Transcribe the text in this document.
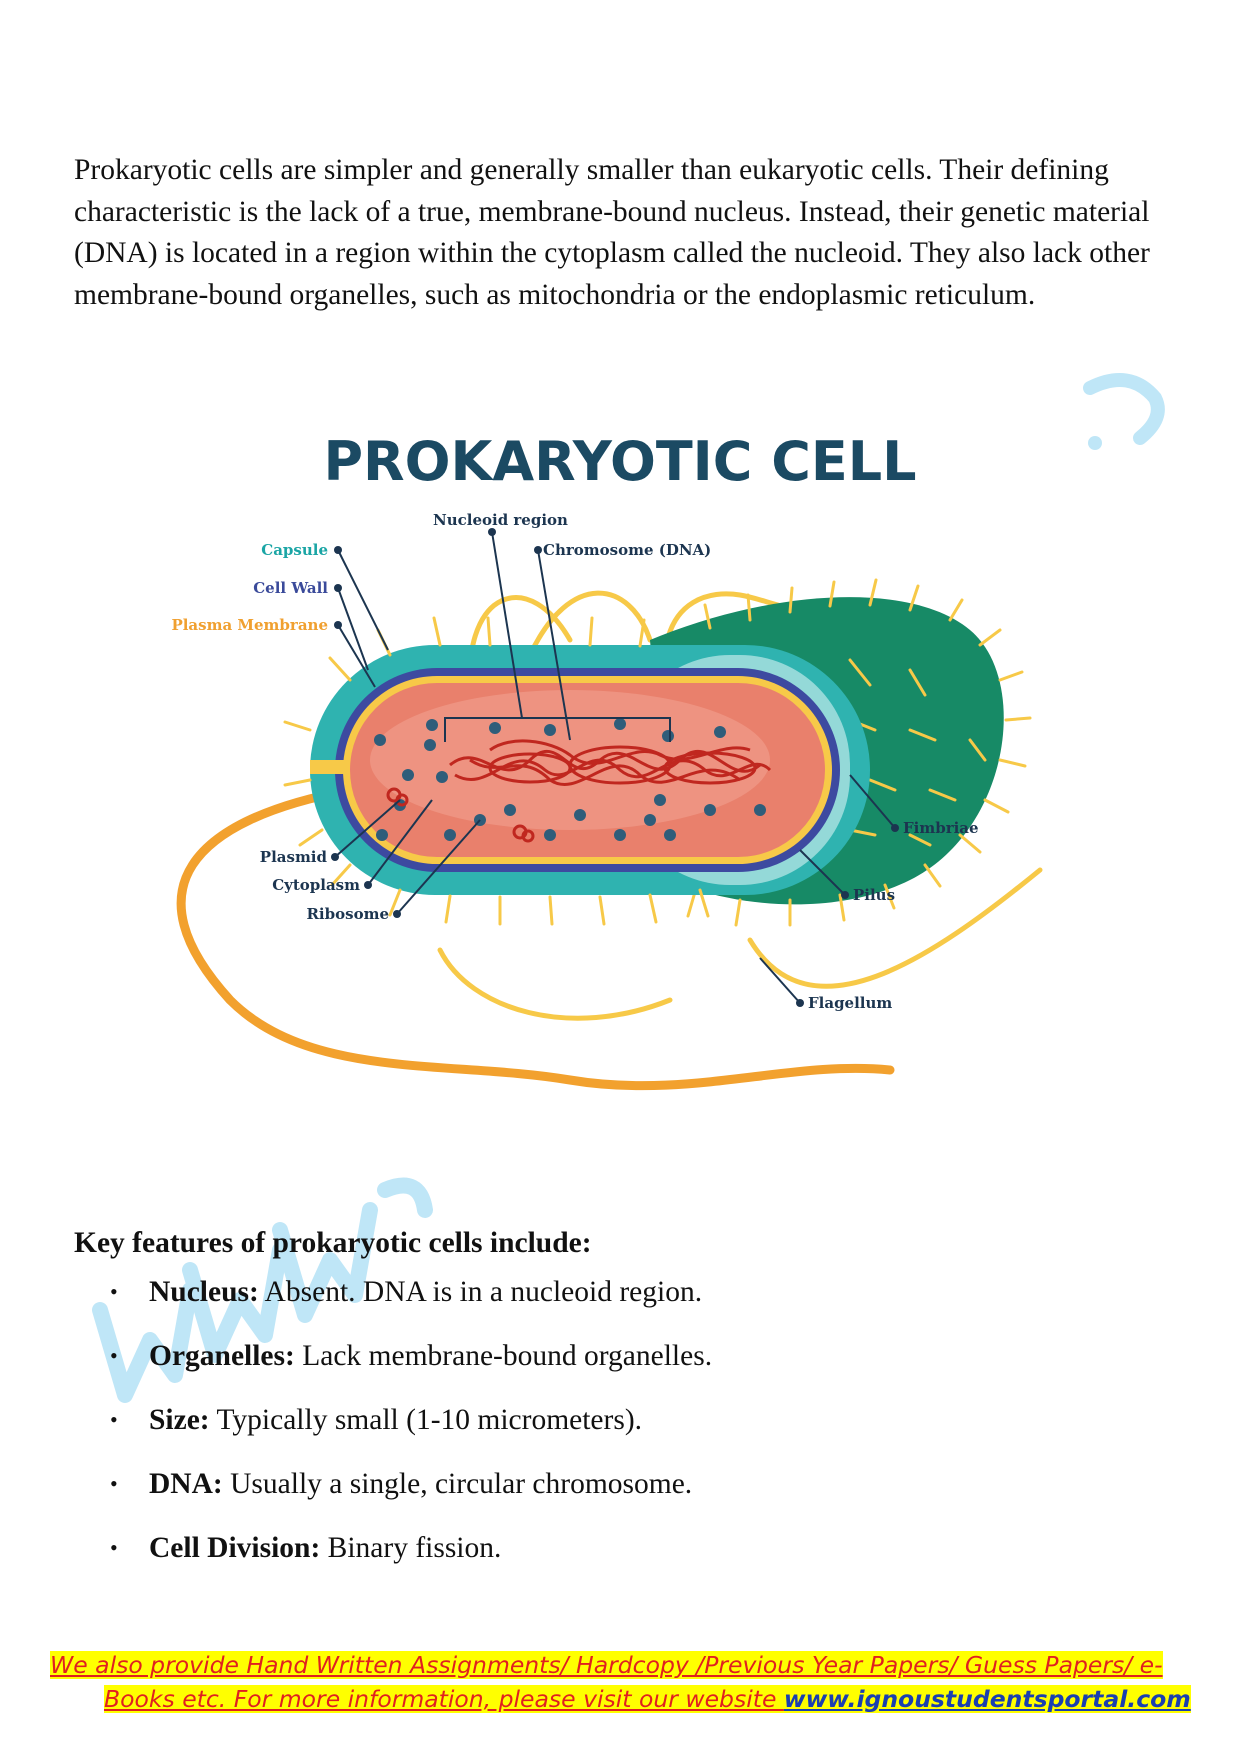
Prokaryotic cells are simpler and generally smaller than eukaryotic cells. Their defining characteristic is the lack of a true, membrane-bound nucleus. Instead, their genetic material (DNA) is located in a region within the cytoplasm called the nucleoid. They also lack other membrane-bound organelles, such as mitochondria or the endoplasmic reticulum.

PROKARYOTIC CELL
Nucleoid region
Chromosome (DNA)
Capsule
Cell Wall
Plasma Membrane
Plasmid
Cytoplasm
Ribosome
Fimbriae
Pilus
Flagellum

Key features of prokaryotic cells include:

• Nucleus: Absent. DNA is in a nucleoid region.
• Organelles: Lack membrane-bound organelles.
• Size: Typically small (1-10 micrometers).
• DNA: Usually a single, circular chromosome.
• Cell Division: Binary fission.
We also provide Hand Written Assignments/ Hardcopy /Previous Year Papers/ Guess Papers/ e-
Books etc. For more information, please visit our website www.ignoustudentsportal.com
